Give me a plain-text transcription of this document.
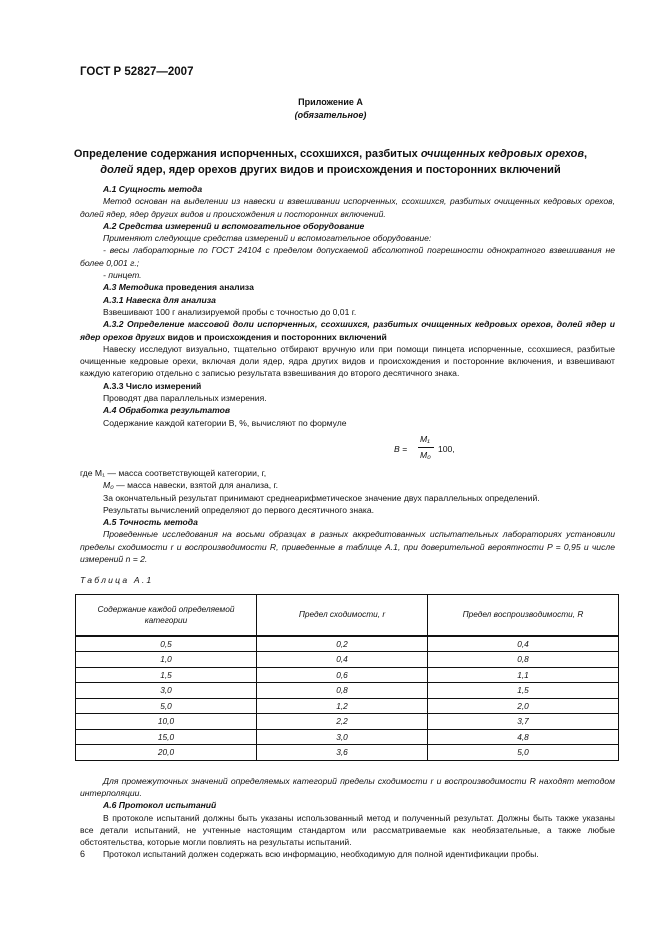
ГОСТ Р 52827—2007
Приложение А
(обязательное)
Определение содержания испорченных, ссохшихся, разбитых очищенных кедровых орехов, долей ядер, ядер орехов других видов и происхождения и посторонних включений

А.1 Сущность метода

Метод основан на выделении из навески и взвешивании испорченных, ссохшихся, разбитых очищенных кедровых орехов, долей ядер, ядер других видов и происхождения и посторонних включений.

А.2 Средства измерений и вспомогательное оборудование

Применяют следующие средства измерений и вспомогательное оборудование:

- весы лабораторные по ГОСТ 24104 с пределом допускаемой абсолютной погрешности однократного взвешивания не более 0,001 г.;

- пинцет.

А.3 Методика проведения анализа

А.3.1 Навеска для анализа

Взвешивают 100 г анализируемой пробы с точностью до 0,01 г.

А.3.2 Определение массовой доли испорченных, ссохшихся, разбитых очищенных кедровых орехов, долей ядер и ядер орехов других видов и происхождения и посторонних включений

Навеску исследуют визуально, тщательно отбирают вручную или при помощи пинцета испорченные, ссохшиеся, разбитые очищенные кедровые орехи, включая доли ядер, ядра других видов и происхождения и посторонние включения, и взвешивают каждую категорию отдельно с записью результата взвешивания до второго десятичного знака.

А.3.3 Число измерений

Проводят два параллельных измерения.

А.4 Обработка результатов

Содержание каждой категории B, %, вычисляют по формуле

B =
M₁
M₀
100,

где M₁ — масса соответствующей категории, г,

M₀ — масса навески, взятой для анализа, г.

За окончательный результат принимают среднеарифметическое значение двух параллельных определений.

Результаты вычислений определяют до первого десятичного знака.

А.5 Точность метода

Проведенные исследования на восьми образцах в разных аккредитованных испытательных лабораториях установили пределы сходимости r и воспроизводимости R, приведенные в таблице А.1, при доверительной вероятности P = 0,95 и числе измерений n = 2.

Таблица А.1

Содержание каждой определяемой категории	Предел сходимости, r	Предел воспроизводимости, R
0,5	0,2	0,4
1,0	0,4	0,8
1,5	0,6	1,1
3,0	0,8	1,5
5,0	1,2	2,0
10,0	2,2	3,7
15,0	3,0	4,8
20,0	3,6	5,0

Для промежуточных значений определяемых категорий пределы сходимости r и воспроизводимости R находят методом интерполяции.

А.6 Протокол испытаний

В протоколе испытаний должны быть указаны использованный метод и полученный результат. Должны быть также указаны все детали испытаний, не учтенные настоящим стандартом или рассматриваемые как необязательные, а также любые обстоятельства, которые могли повлиять на результаты испытаний.

Протокол испытаний должен содержать всю информацию, необходимую для полной идентификации пробы.

6
